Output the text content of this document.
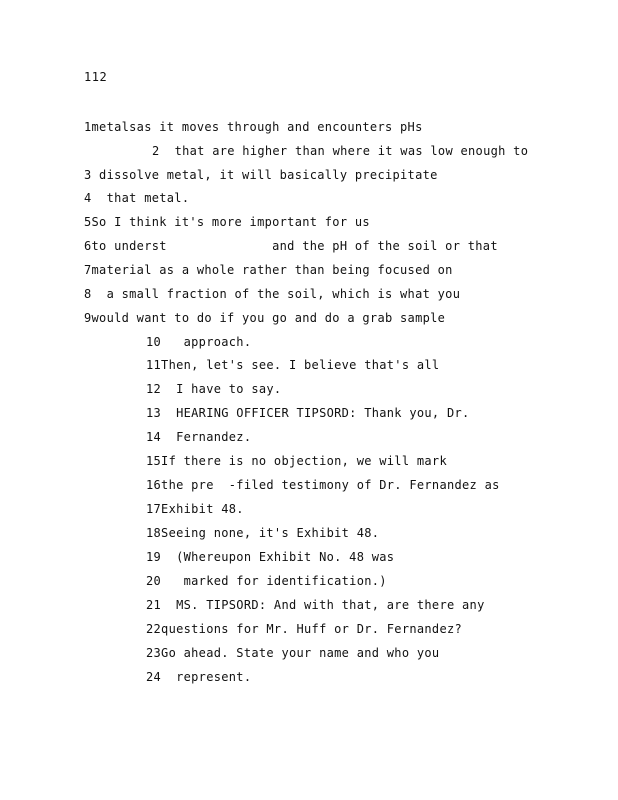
112
1metalsas it moves through and encounters pHs
2  that are higher than where it was low enough to
3 dissolve metal, it will basically precipitate
4  that metal.
5So I think it's more important for us
6to underst              and the pH of the soil or that
7material as a whole rather than being focused on
8  a small fraction of the soil, which is what you
9would want to do if you go and do a grab sample
10   approach.
11Then, let's see. I believe that's all
12  I have to say.
13  HEARING OFFICER TIPSORD: Thank you, Dr.
14  Fernandez.
15If there is no objection, we will mark
16the pre  -filed testimony of Dr. Fernandez as
17Exhibit 48.
18Seeing none, it's Exhibit 48.
19  (Whereupon Exhibit No. 48 was
20   marked for identification.)
21  MS. TIPSORD: And with that, are there any
22questions for Mr. Huff or Dr. Fernandez?
23Go ahead. State your name and who you
24  represent.
